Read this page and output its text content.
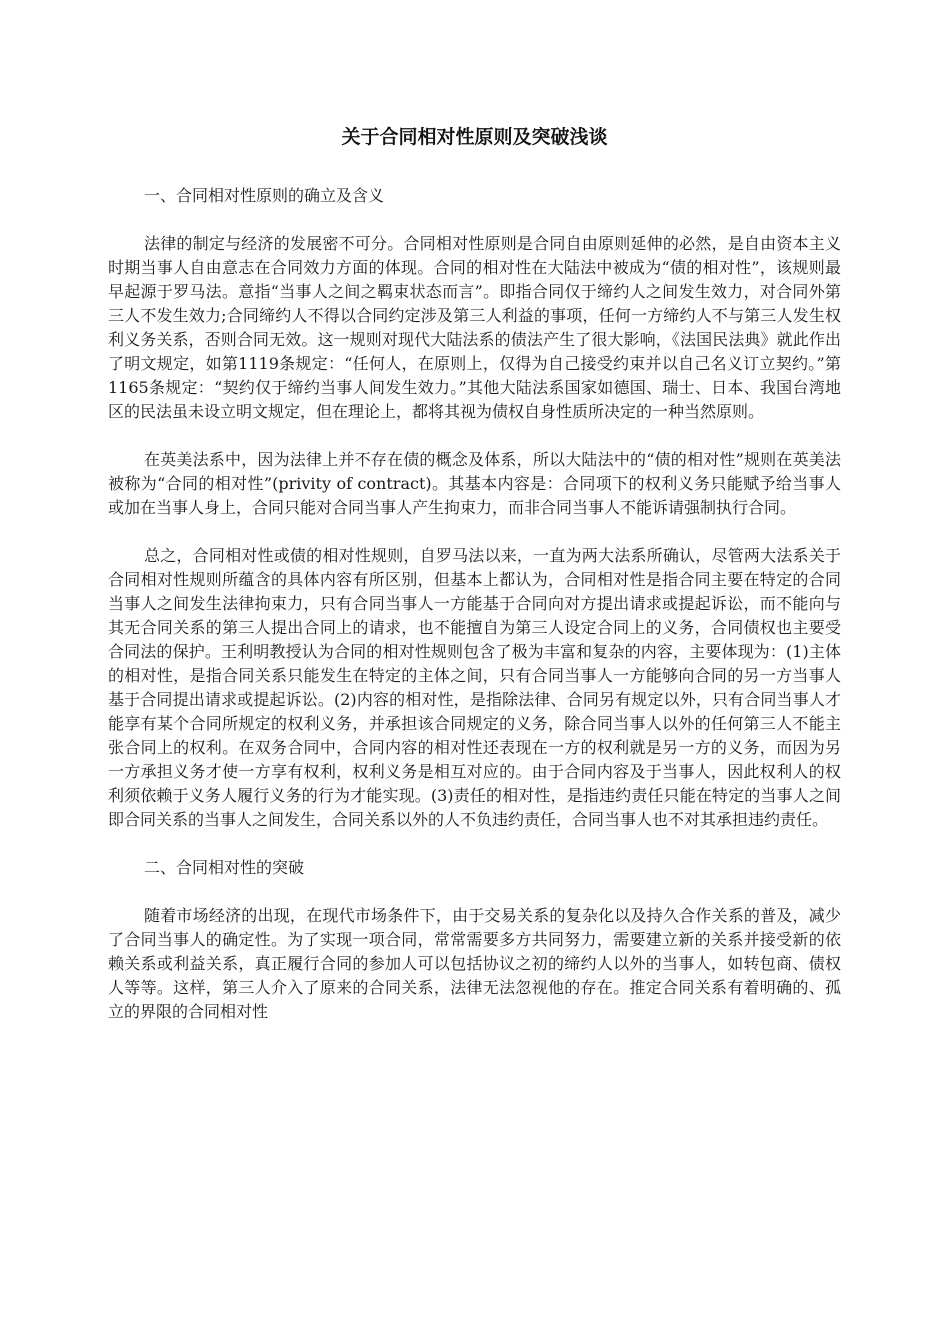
关于合同相对性原则及突破浅谈

一、合同相对性原则的确立及含义

法律的制定与经济的发展密不可分。合同相对性原则是合同自由原则延伸的必然，是自由资本主义时期当事人自由意志在合同效力方面的体现。合同的相对性在大陆法中被成为“债的相对性”，该规则最早起源于罗马法。意指“当事人之间之羁束状态而言”。即指合同仅于缔约人之间发生效力，对合同外第三人不发生效力;合同缔约人不得以合同约定涉及第三人利益的事项，任何一方缔约人不与第三人发生权利义务关系，否则合同无效。这一规则对现代大陆法系的债法产生了很大影响，《法国民法典》就此作出了明文规定，如第1119条规定：“任何人，在原则上，仅得为自己接受约束并以自己名义订立契约。”第1165条规定：“契约仅于缔约当事人间发生效力。”其他大陆法系国家如德国、瑞士、日本、我国台湾地区的民法虽未设立明文规定，但在理论上，都将其视为债权自身性质所决定的一种当然原则。

在英美法系中，因为法律上并不存在债的概念及体系，所以大陆法中的“债的相对性”规则在英美法被称为“合同的相对性”(privity of contract)。其基本内容是：合同项下的权利义务只能赋予给当事人或加在当事人身上，合同只能对合同当事人产生拘束力，而非合同当事人不能诉请强制执行合同。

总之，合同相对性或债的相对性规则，自罗马法以来，一直为两大法系所确认，尽管两大法系关于合同相对性规则所蕴含的具体内容有所区别，但基本上都认为，合同相对性是指合同主要在特定的合同当事人之间发生法律拘束力，只有合同当事人一方能基于合同向对方提出请求或提起诉讼，而不能向与其无合同关系的第三人提出合同上的请求，也不能擅自为第三人设定合同上的义务，合同债权也主要受合同法的保护。王利明教授认为合同的相对性规则包含了极为丰富和复杂的内容，主要体现为：(1)主体的相对性，是指合同关系只能发生在特定的主体之间，只有合同当事人一方能够向合同的另一方当事人基于合同提出请求或提起诉讼。(2)内容的相对性，是指除法律、合同另有规定以外，只有合同当事人才能享有某个合同所规定的权利义务，并承担该合同规定的义务，除合同当事人以外的任何第三人不能主张合同上的权利。在双务合同中，合同内容的相对性还表现在一方的权利就是另一方的义务，而因为另一方承担义务才使一方享有权利，权利义务是相互对应的。由于合同内容及于当事人，因此权利人的权利须依赖于义务人履行义务的行为才能实现。(3)责任的相对性，是指违约责任只能在特定的当事人之间即合同关系的当事人之间发生，合同关系以外的人不负违约责任，合同当事人也不对其承担违约责任。

二、合同相对性的突破

随着市场经济的出现，在现代市场条件下，由于交易关系的复杂化以及持久合作关系的普及，减少了合同当事人的确定性。为了实现一项合同，常常需要多方共同努力，需要建立新的关系并接受新的依赖关系或利益关系，真正履行合同的参加人可以包括协议之初的缔约人以外的当事人，如转包商、债权人等等。这样，第三人介入了原来的合同关系，法律无法忽视他的存在。推定合同关系有着明确的、孤立的界限的合同相对性
